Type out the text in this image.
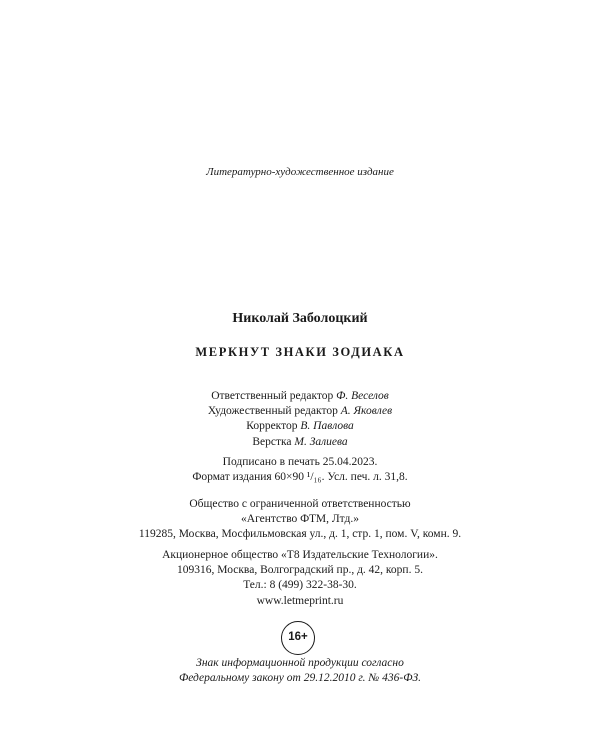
Литературно-художественное издание
Николай Заболоцкий
МЕРКНУТ ЗНАКИ ЗОДИАКА
Ответственный редактор Ф. Веселов
Художественный редактор А. Яковлев
Корректор В. Павлова
Верстка М. Залиева
Подписано в печать 25.04.2023.
Формат издания 60×90 ¹/₁₆. Усл. печ. л. 31,8.
Общество с ограниченной ответственностью
«Агентство ФТМ, Лтд.»
119285, Москва, Мосфильмовская ул., д. 1, стр. 1, пом. V, комн. 9.
Акционерное общество «Т8 Издательские Технологии».
109316, Москва, Волгоградский пр., д. 42, корп. 5.
Тел.: 8 (499) 322-38-30.
www.letmeprint.ru
16+
Знак информационной продукции согласно
Федеральному закону от 29.12.2010 г. № 436-ФЗ.
